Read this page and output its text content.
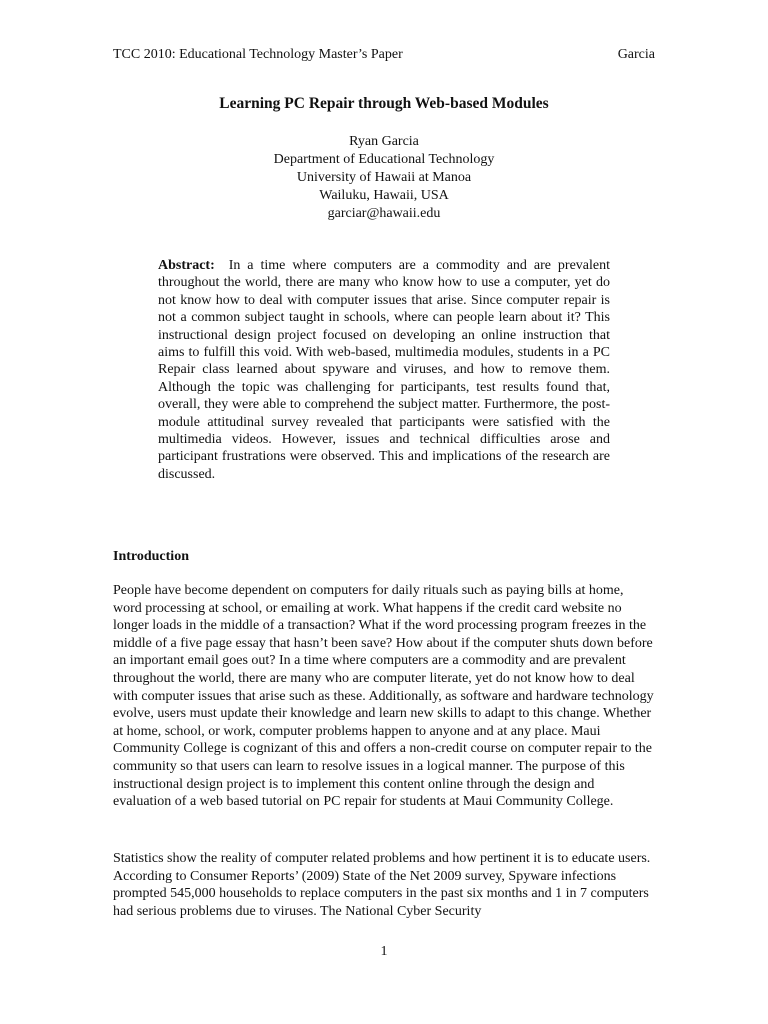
TCC 2010: Educational Technology Master’s Paper	Garcia
Learning PC Repair through Web-based Modules
Ryan Garcia
Department of Educational Technology
University of Hawaii at Manoa
Wailuku, Hawaii, USA
garciar@hawaii.edu
Abstract: In a time where computers are a commodity and are prevalent throughout the world, there are many who know how to use a computer, yet do not know how to deal with computer issues that arise. Since computer repair is not a common subject taught in schools, where can people learn about it? This instructional design project focused on developing an online instruction that aims to fulfill this void. With web-based, multimedia modules, students in a PC Repair class learned about spyware and viruses, and how to remove them. Although the topic was challenging for participants, test results found that, overall, they were able to comprehend the subject matter. Furthermore, the post-module attitudinal survey revealed that participants were satisfied with the multimedia videos. However, issues and technical difficulties arose and participant frustrations were observed. This and implications of the research are discussed.
Introduction
People have become dependent on computers for daily rituals such as paying bills at home, word processing at school, or emailing at work. What happens if the credit card website no longer loads in the middle of a transaction? What if the word processing program freezes in the middle of a five page essay that hasn’t been save? How about if the computer shuts down before an important email goes out? In a time where computers are a commodity and are prevalent throughout the world, there are many who are computer literate, yet do not know how to deal with computer issues that arise such as these. Additionally, as software and hardware technology evolve, users must update their knowledge and learn new skills to adapt to this change. Whether at home, school, or work, computer problems happen to anyone and at any place. Maui Community College is cognizant of this and offers a non-credit course on computer repair to the community so that users can learn to resolve issues in a logical manner. The purpose of this instructional design project is to implement this content online through the design and evaluation of a web based tutorial on PC repair for students at Maui Community College.
Statistics show the reality of computer related problems and how pertinent it is to educate users. According to Consumer Reports’ (2009) State of the Net 2009 survey, Spyware infections prompted 545,000 households to replace computers in the past six months and 1 in 7 computers had serious problems due to viruses. The National Cyber Security
1
